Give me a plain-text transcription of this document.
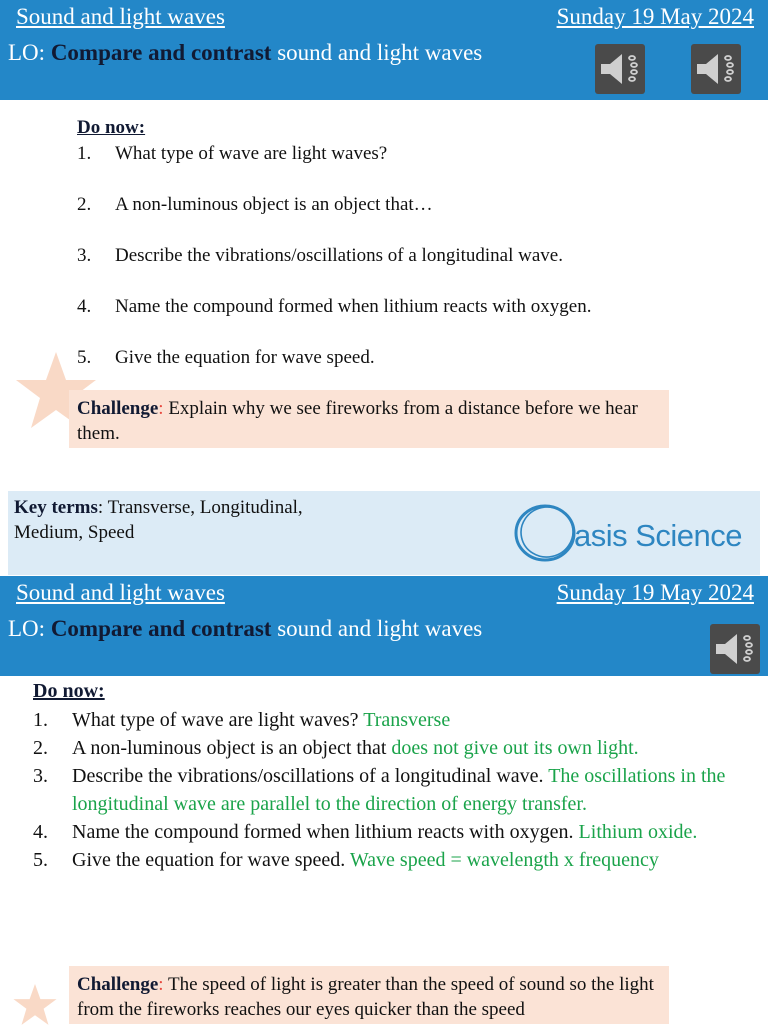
Sound and light waves	Sunday 19 May 2024
LO: Compare and contrast sound and light waves
Do now:
1. What type of wave are light waves?
2. A non-luminous object is an object that…
3. Describe the vibrations/oscillations of a longitudinal wave.
4. Name the compound formed when lithium reacts with oxygen.
5. Give the equation for wave speed.
Challenge: Explain why we see fireworks from a distance before we hear them.
Key terms: Transverse, Longitudinal, Medium, Speed	asis Science
Sound and light waves	Sunday 19 May 2024
LO: Compare and contrast sound and light waves
Do now:
1. What type of wave are light waves? Transverse
2. A non-luminous object is an object that does not give out its own light.
3. Describe the vibrations/oscillations of a longitudinal wave. The oscillations in the longitudinal wave are parallel to the direction of energy transfer.
4. Name the compound formed when lithium reacts with oxygen. Lithium oxide.
5. Give the equation for wave speed. Wave speed = wavelength x frequency
Challenge: The speed of light is greater than the speed of sound so the light from the fireworks reaches our eyes quicker than the speed
